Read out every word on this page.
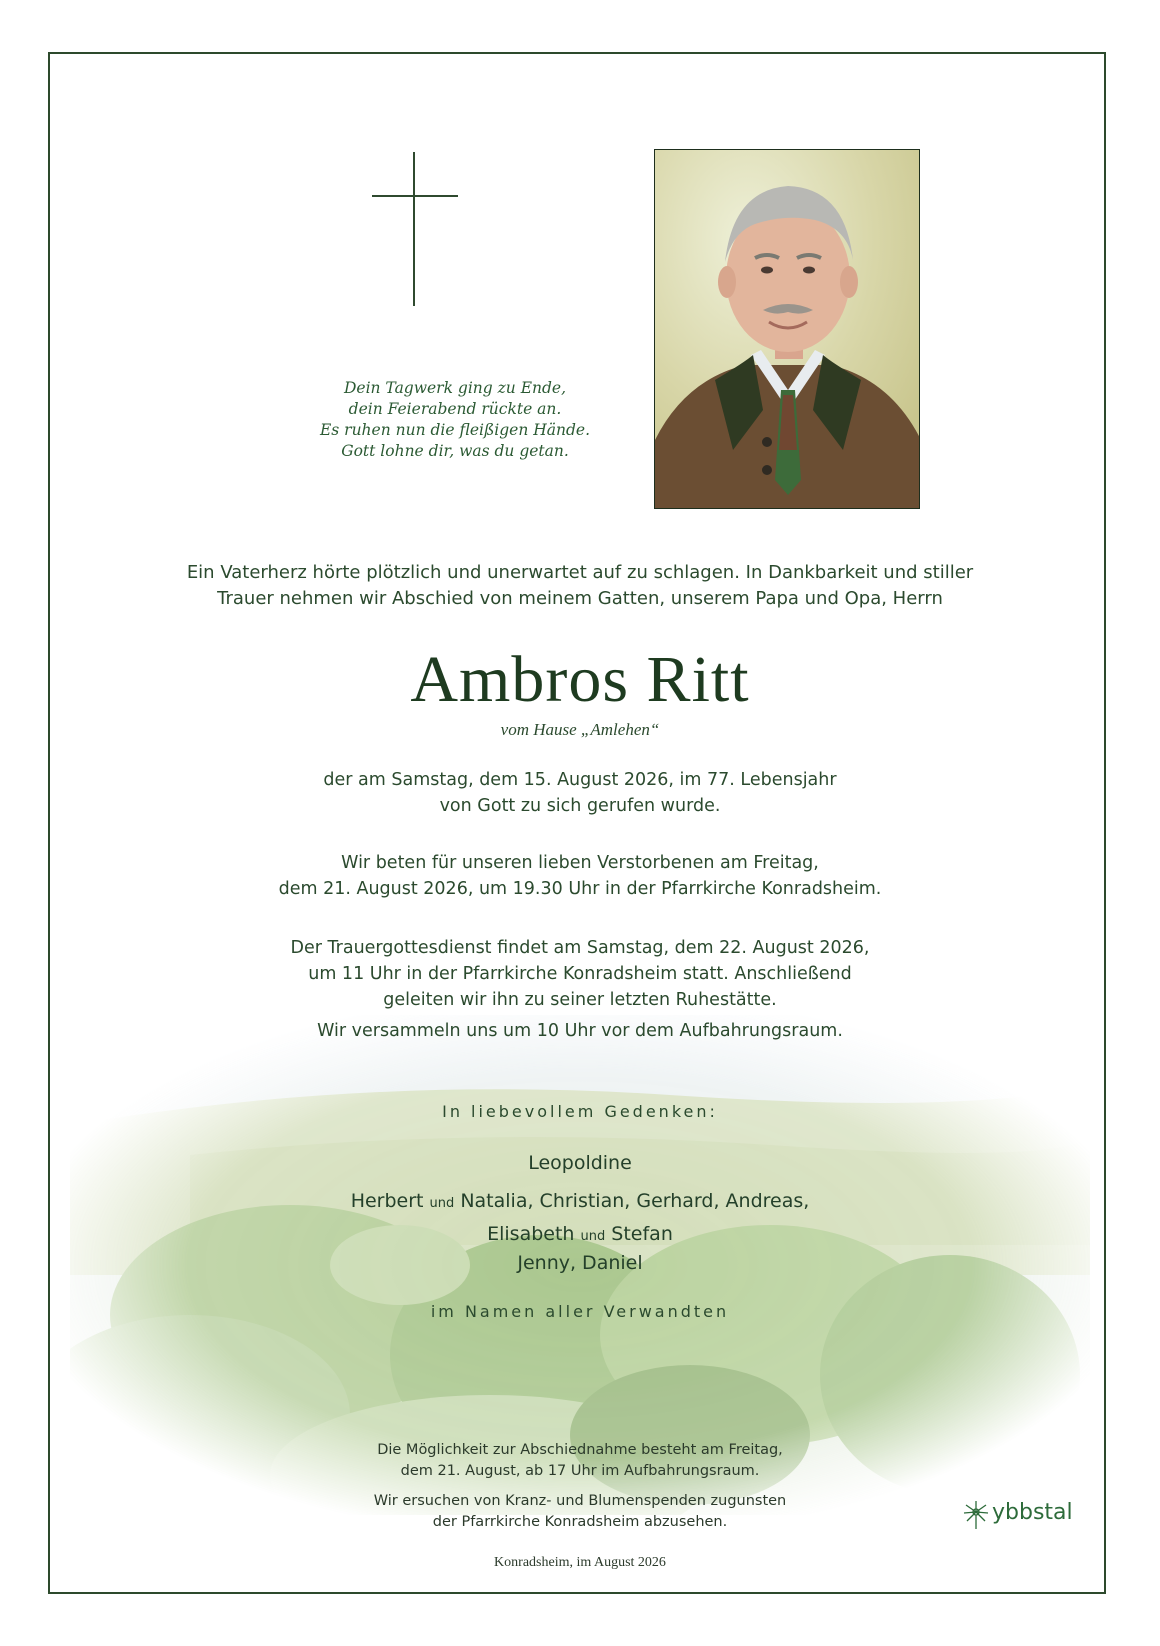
Dein Tagwerk ging zu Ende,
dein Feierabend rückte an.
Es ruhen nun die fleißigen Hände.
Gott lohne dir, was du getan.
Ein Vaterherz hörte plötzlich und unerwartet auf zu schlagen. In Dankbarkeit und stiller
Trauer nehmen wir Abschied von meinem Gatten, unserem Papa und Opa, Herrn
Ambros Ritt
vom Hause „Amlehen“
der am Samstag, dem 15. August 2026, im 77. Lebensjahr
von Gott zu sich gerufen wurde.
Wir beten für unseren lieben Verstorbenen am Freitag,
dem 21. August 2026, um 19.30 Uhr in der Pfarrkirche Konradsheim.
Der Trauergottesdienst findet am Samstag, dem 22. August 2026,
um 11 Uhr in der Pfarrkirche Konradsheim statt. Anschließend
geleiten wir ihn zu seiner letzten Ruhestätte.
Wir versammeln uns um 10 Uhr vor dem Aufbahrungsraum.
In liebevollem Gedenken:
Leopoldine
Herbert und Natalia, Christian, Gerhard, Andreas,
Elisabeth und Stefan
Jenny, Daniel
im Namen aller Verwandten
Die Möglichkeit zur Abschiednahme besteht am Freitag,
dem 21. August, ab 17 Uhr im Aufbahrungsraum.
Wir ersuchen von Kranz- und Blumenspenden zugunsten
der Pfarrkirche Konradsheim abzusehen.
Konradsheim, im August 2026
ybbstal
